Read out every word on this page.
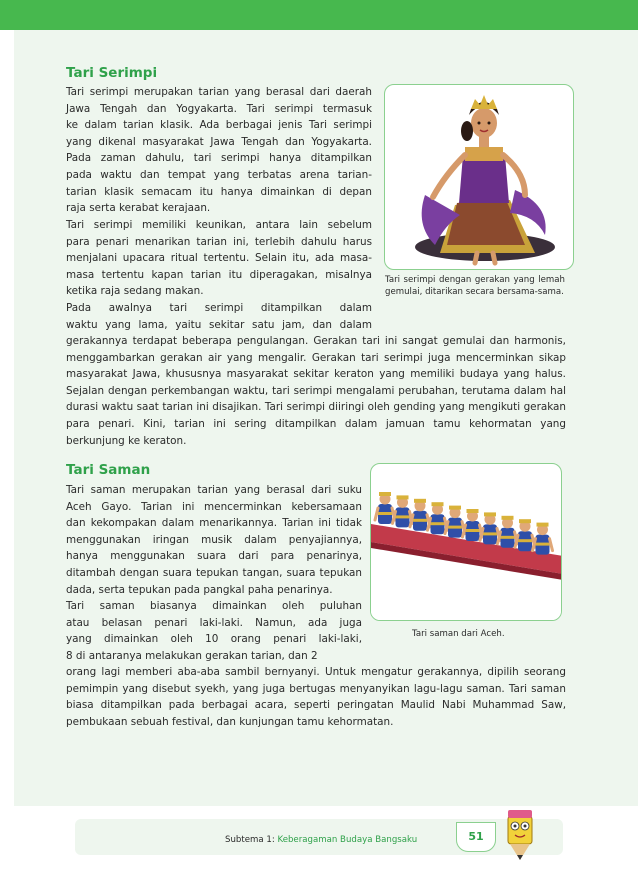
Tari Serimpi

Tari serimpi merupakan tarian yang berasal dari daerah

Jawa Tengah dan Yogyakarta. Tari serimpi termasuk

ke dalam tarian klasik. Ada berbagai jenis Tari serimpi

yang dikenal masyarakat Jawa Tengah dan Yogyakarta.

Pada zaman dahulu, tari serimpi hanya ditampilkan

pada waktu dan tempat yang terbatas arena tarian-

tarian klasik semacam itu hanya dimainkan di depan

raja serta kerabat kerajaan.

Tari serimpi memiliki keunikan, antara lain sebelum

para penari menarikan tarian ini, terlebih dahulu harus

menjalani upacara ritual tertentu. Selain itu, ada masa-

masa tertentu kapan tarian itu diperagakan, misalnya

ketika raja sedang makan.

Pada awalnya tari serimpi ditampilkan dalam

waktu yang lama, yaitu sekitar satu jam, dan dalam

gerakannya terdapat beberapa pengulangan. Gerakan tari ini sangat gemulai dan harmonis, menggambarkan gerakan air yang mengalir. Gerakan tari serimpi juga mencerminkan sikap masyarakat Jawa, khususnya masyarakat sekitar keraton yang memiliki budaya yang halus. Sejalan dengan perkembangan waktu, tari serimpi mengalami perubahan, terutama dalam hal durasi waktu saat tarian ini disajikan. Tari serimpi diiringi oleh gending yang mengikuti gerakan para penari. Kini, tarian ini sering ditampilkan dalam jamuan tamu kehormatan yang berkunjung ke keraton.
Tari serimpi dengan gerakan yang lemah gemulai, ditarikan secara bersama-sama.
Tari Saman

Tari saman merupakan tarian yang berasal dari suku

Aceh Gayo. Tarian ini mencerminkan kebersamaan

dan kekompakan dalam menarikannya. Tarian ini tidak

menggunakan iringan musik dalam penyajiannya,

hanya menggunakan suara dari para penarinya,

ditambah dengan suara tepukan tangan, suara tepukan

dada, serta tepukan pada pangkal paha penarinya.

Tari saman biasanya dimainkan oleh puluhan

atau belasan penari laki-laki. Namun, ada juga

yang dimainkan oleh 10 orang penari laki-laki,

8 di antaranya melakukan gerakan tarian, dan 2

orang lagi memberi aba-aba sambil bernyanyi. Untuk mengatur gerakannya, dipilih seorang pemimpin yang disebut syekh, yang juga bertugas menyanyikan lagu-lagu saman. Tari saman biasa ditampilkan pada berbagai acara, seperti peringatan Maulid Nabi Muhammad Saw, pembukaan sebuah festival, dan kunjungan tamu kehormatan.
Tari saman dari Aceh.
Subtema 1: Keberagaman Budaya Bangsaku	51
